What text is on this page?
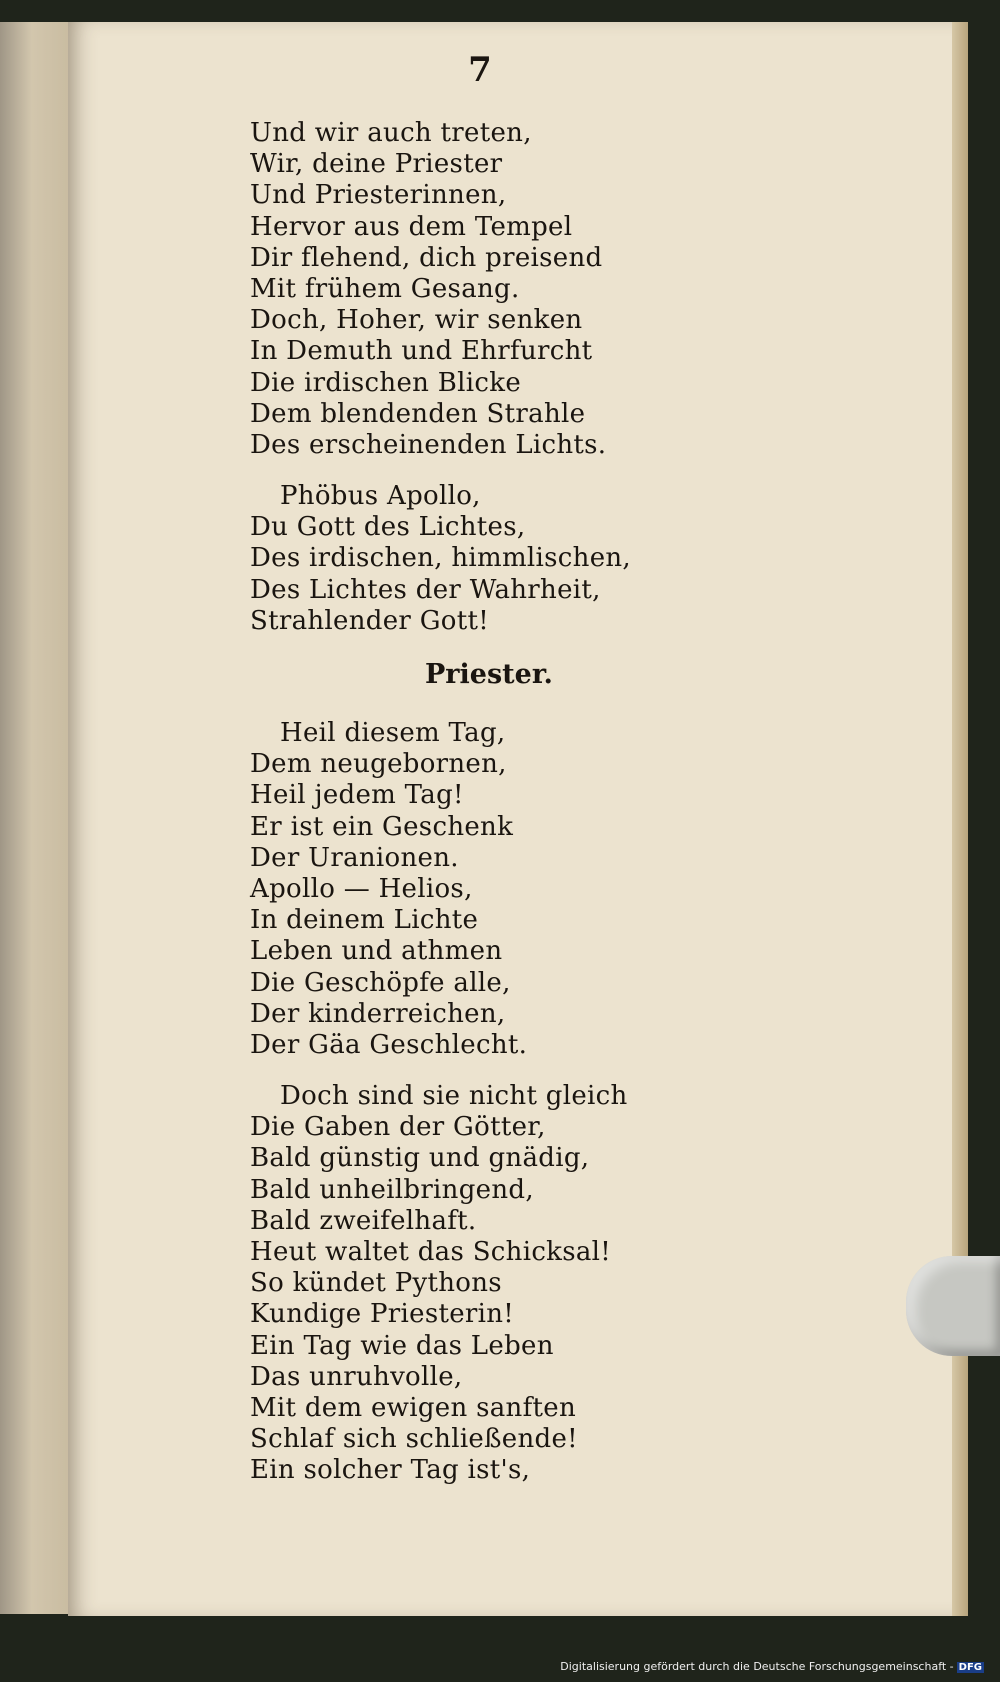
7
Und wir auch treten,
Wir, deine Priester
Und Priesterinnen,
Hervor aus dem Tempel
Dir flehend, dich preisend
Mit frühem Gesang.
Doch, Hoher, wir senken
In Demuth und Ehrfurcht
Die irdischen Blicke
Dem blendenden Strahle
Des erscheinenden Lichts.
Phöbus Apollo,
Du Gott des Lichtes,
Des irdischen, himmlischen,
Des Lichtes der Wahrheit,
Strahlender Gott!
Priester.
Heil diesem Tag,
Dem neugebornen,
Heil jedem Tag!
Er ist ein Geschenk
Der Uranionen.
Apollo — Helios,
In deinem Lichte
Leben und athmen
Die Geschöpfe alle,
Der kinderreichen,
Der Gäa Geschlecht.
Doch sind sie nicht gleich
Die Gaben der Götter,
Bald günstig und gnädig,
Bald unheilbringend,
Bald zweifelhaft.
Heut waltet das Schicksal!
So kündet Pythons
Kundige Priesterin!
Ein Tag wie das Leben
Das unruhvolle,
Mit dem ewigen sanften
Schlaf sich schließende!
Ein solcher Tag ist's,
Digitalisierung gefördert durch die Deutsche Forschungsgemeinschaft - DFG
